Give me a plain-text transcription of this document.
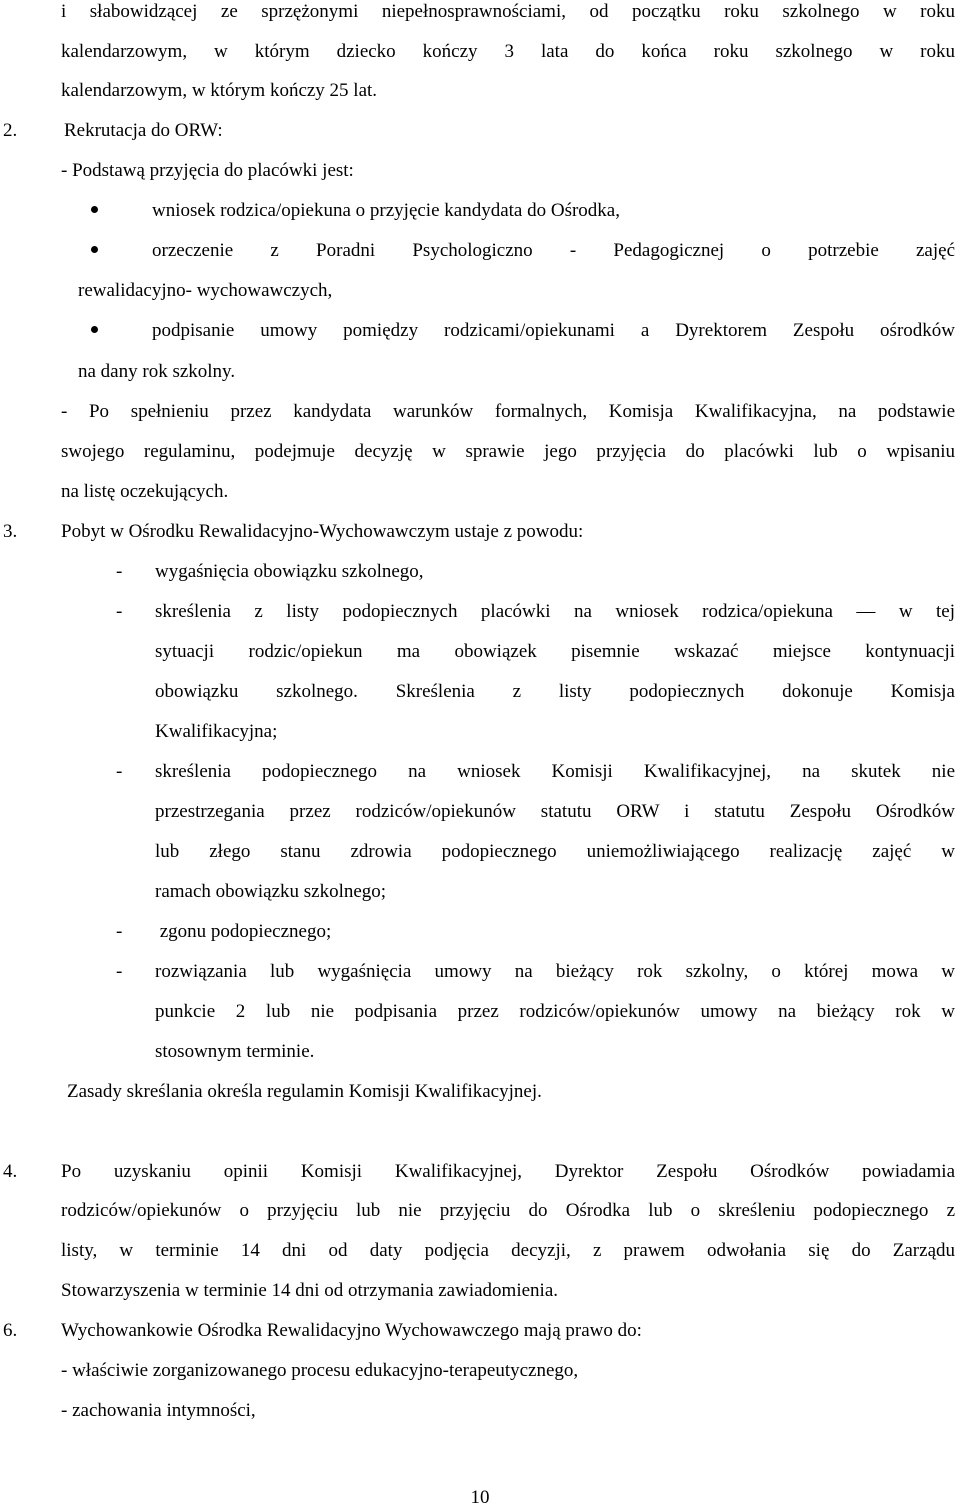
i słabowidzącej ze sprzężonymi niepełnosprawnościami, od początku roku szkolnego w roku
kalendarzowym, w którym dziecko kończy 3 lata do końca roku szkolnego w roku
kalendarzowym, w którym kończy 25 lat.
2. Rekrutacja do ORW:
- Podstawą przyjęcia do placówki jest:
wniosek rodzica/opiekuna o przyjęcie kandydata do Ośrodka,
orzeczenie z Poradni Psychologiczno - Pedagogicznej o potrzebie zajęć
rewalidacyjno- wychowawczych,
podpisanie umowy pomiędzy rodzicami/opiekunami a Dyrektorem Zespołu ośrodków
na dany rok szkolny.
- Po spełnieniu przez kandydata warunków formalnych, Komisja Kwalifikacyjna, na podstawie
swojego regulaminu, podejmuje decyzję w sprawie jego przyjęcia do placówki lub o wpisaniu
na listę oczekujących.
3. Pobyt w Ośrodku Rewalidacyjno-Wychowawczym ustaje z powodu:
- wygaśnięcia obowiązku szkolnego,
- skreślenia z listy podopiecznych placówki na wniosek rodzica/opiekuna — w tej
sytuacji rodzic/opiekun ma obowiązek pisemnie wskazać miejsce kontynuacji
obowiązku szkolnego. Skreślenia z listy podopiecznych dokonuje Komisja
Kwalifikacyjna;
- skreślenia podopiecznego na wniosek Komisji Kwalifikacyjnej, na skutek nie
przestrzegania przez rodziców/opiekunów statutu ORW i statutu Zespołu Ośrodków
lub złego stanu zdrowia podopiecznego uniemożliwiającego realizację zajęć w
ramach obowiązku szkolnego;
- zgonu podopiecznego;
- rozwiązania lub wygaśnięcia umowy na bieżący rok szkolny, o której mowa w
punkcie 2 lub nie podpisania przez rodziców/opiekunów umowy na bieżący rok w
stosownym terminie.
Zasady skreślania określa regulamin Komisji Kwalifikacyjnej.
4. Po uzyskaniu opinii Komisji Kwalifikacyjnej, Dyrektor Zespołu Ośrodków powiadamia
rodziców/opiekunów o przyjęciu lub nie przyjęciu do Ośrodka lub o skreśleniu podopiecznego z
listy, w terminie 14 dni od daty podjęcia decyzji, z prawem odwołania się do Zarządu
Stowarzyszenia w terminie 14 dni od otrzymania zawiadomienia.
6. Wychowankowie Ośrodka Rewalidacyjno Wychowawczego mają prawo do:
- właściwie zorganizowanego procesu edukacyjno-terapeutycznego,
- zachowania intymności,
10
